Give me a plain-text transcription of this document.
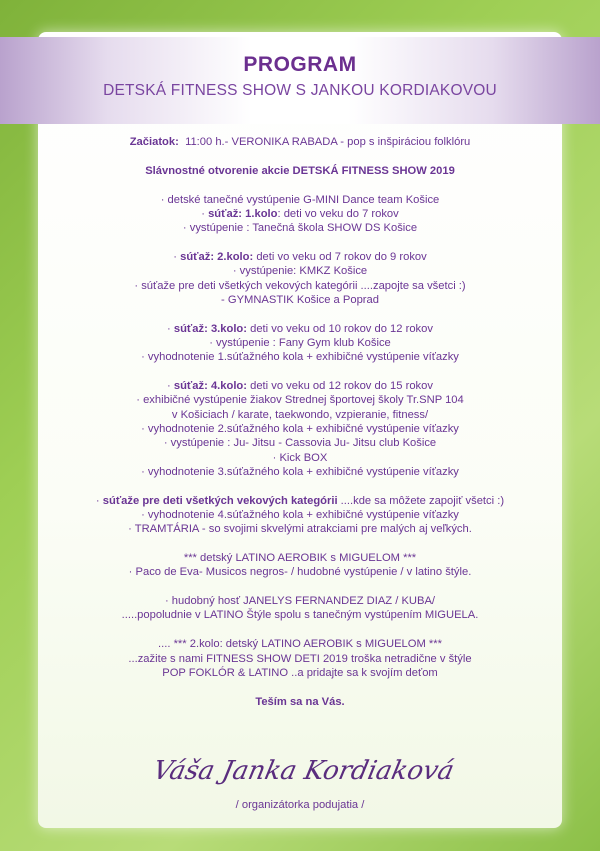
PROGRAM
DETSKÁ FITNESS SHOW S JANKOU KORDIAKOVOU
Začiatok: 11:00 h.- VERONIKA RABADA - pop s inšpiráciou folklóru
Slávnostné otvorenie akcie DETSKÁ FITNESS SHOW 2019
· detské tanečné vystúpenie G-MINI Dance team Košice
· súťaž: 1.kolo: deti vo veku do 7 rokov
· vystúpenie : Tanečná škola SHOW DS Košice
· súťaž: 2.kolo: deti vo veku od 7 rokov do 9 rokov
· vystúpenie: KMKZ Košice
· súťaže pre deti všetkých vekových kategórii ....zapojte sa všetci :)
- GYMNASTIK Košice a Poprad
· súťaž: 3.kolo: deti vo veku od 10 rokov do 12 rokov
· vystúpenie : Fany Gym klub Košice
· vyhodnotenie 1.súťažného kola + exhibičné vystúpenie víťazky
· súťaž: 4.kolo: deti vo veku od 12 rokov do 15 rokov
· exhibičné vystúpenie žiakov Strednej športovej školy Tr.SNP 104
v Košiciach / karate, taekwondo, vzpieranie, fitness/
· vyhodnotenie 2.súťažného kola + exhibičné vystúpenie víťazky
· vystúpenie : Ju- Jitsu - Cassovia Ju- Jitsu club Košice
· Kick BOX
· vyhodnotenie 3.súťažného kola + exhibičné vystúpenie víťazky
· súťaže pre deti všetkých vekových kategórii ....kde sa môžete zapojiť všetci :)
· vyhodnotenie 4.súťažného kola + exhibičné vystúpenie víťazky
· TRAMTÁRIA - so svojimi skvelými atrakciami pre malých aj veľkých.
*** detský LATINO AEROBIK s MIGUELOM ***
· Paco de Eva- Musicos negros- / hudobné vystúpenie / v latino štýle.
· hudobný hosť JANELYS FERNANDEZ DIAZ / KUBA/
.....popoludnie v LATINO Štýle spolu s tanečným vystúpením MIGUELA.
.... *** 2.kolo: detský LATINO AEROBIK s MIGUELOM ***
...zažite s nami FITNESS SHOW DETI 2019 troška netradične v štýle
POP FOKLÓR & LATINO ..a pridajte sa k svojím deťom
Teším sa na Vás.
Váša Janka Kordiaková
/ organizátorka podujatia /
